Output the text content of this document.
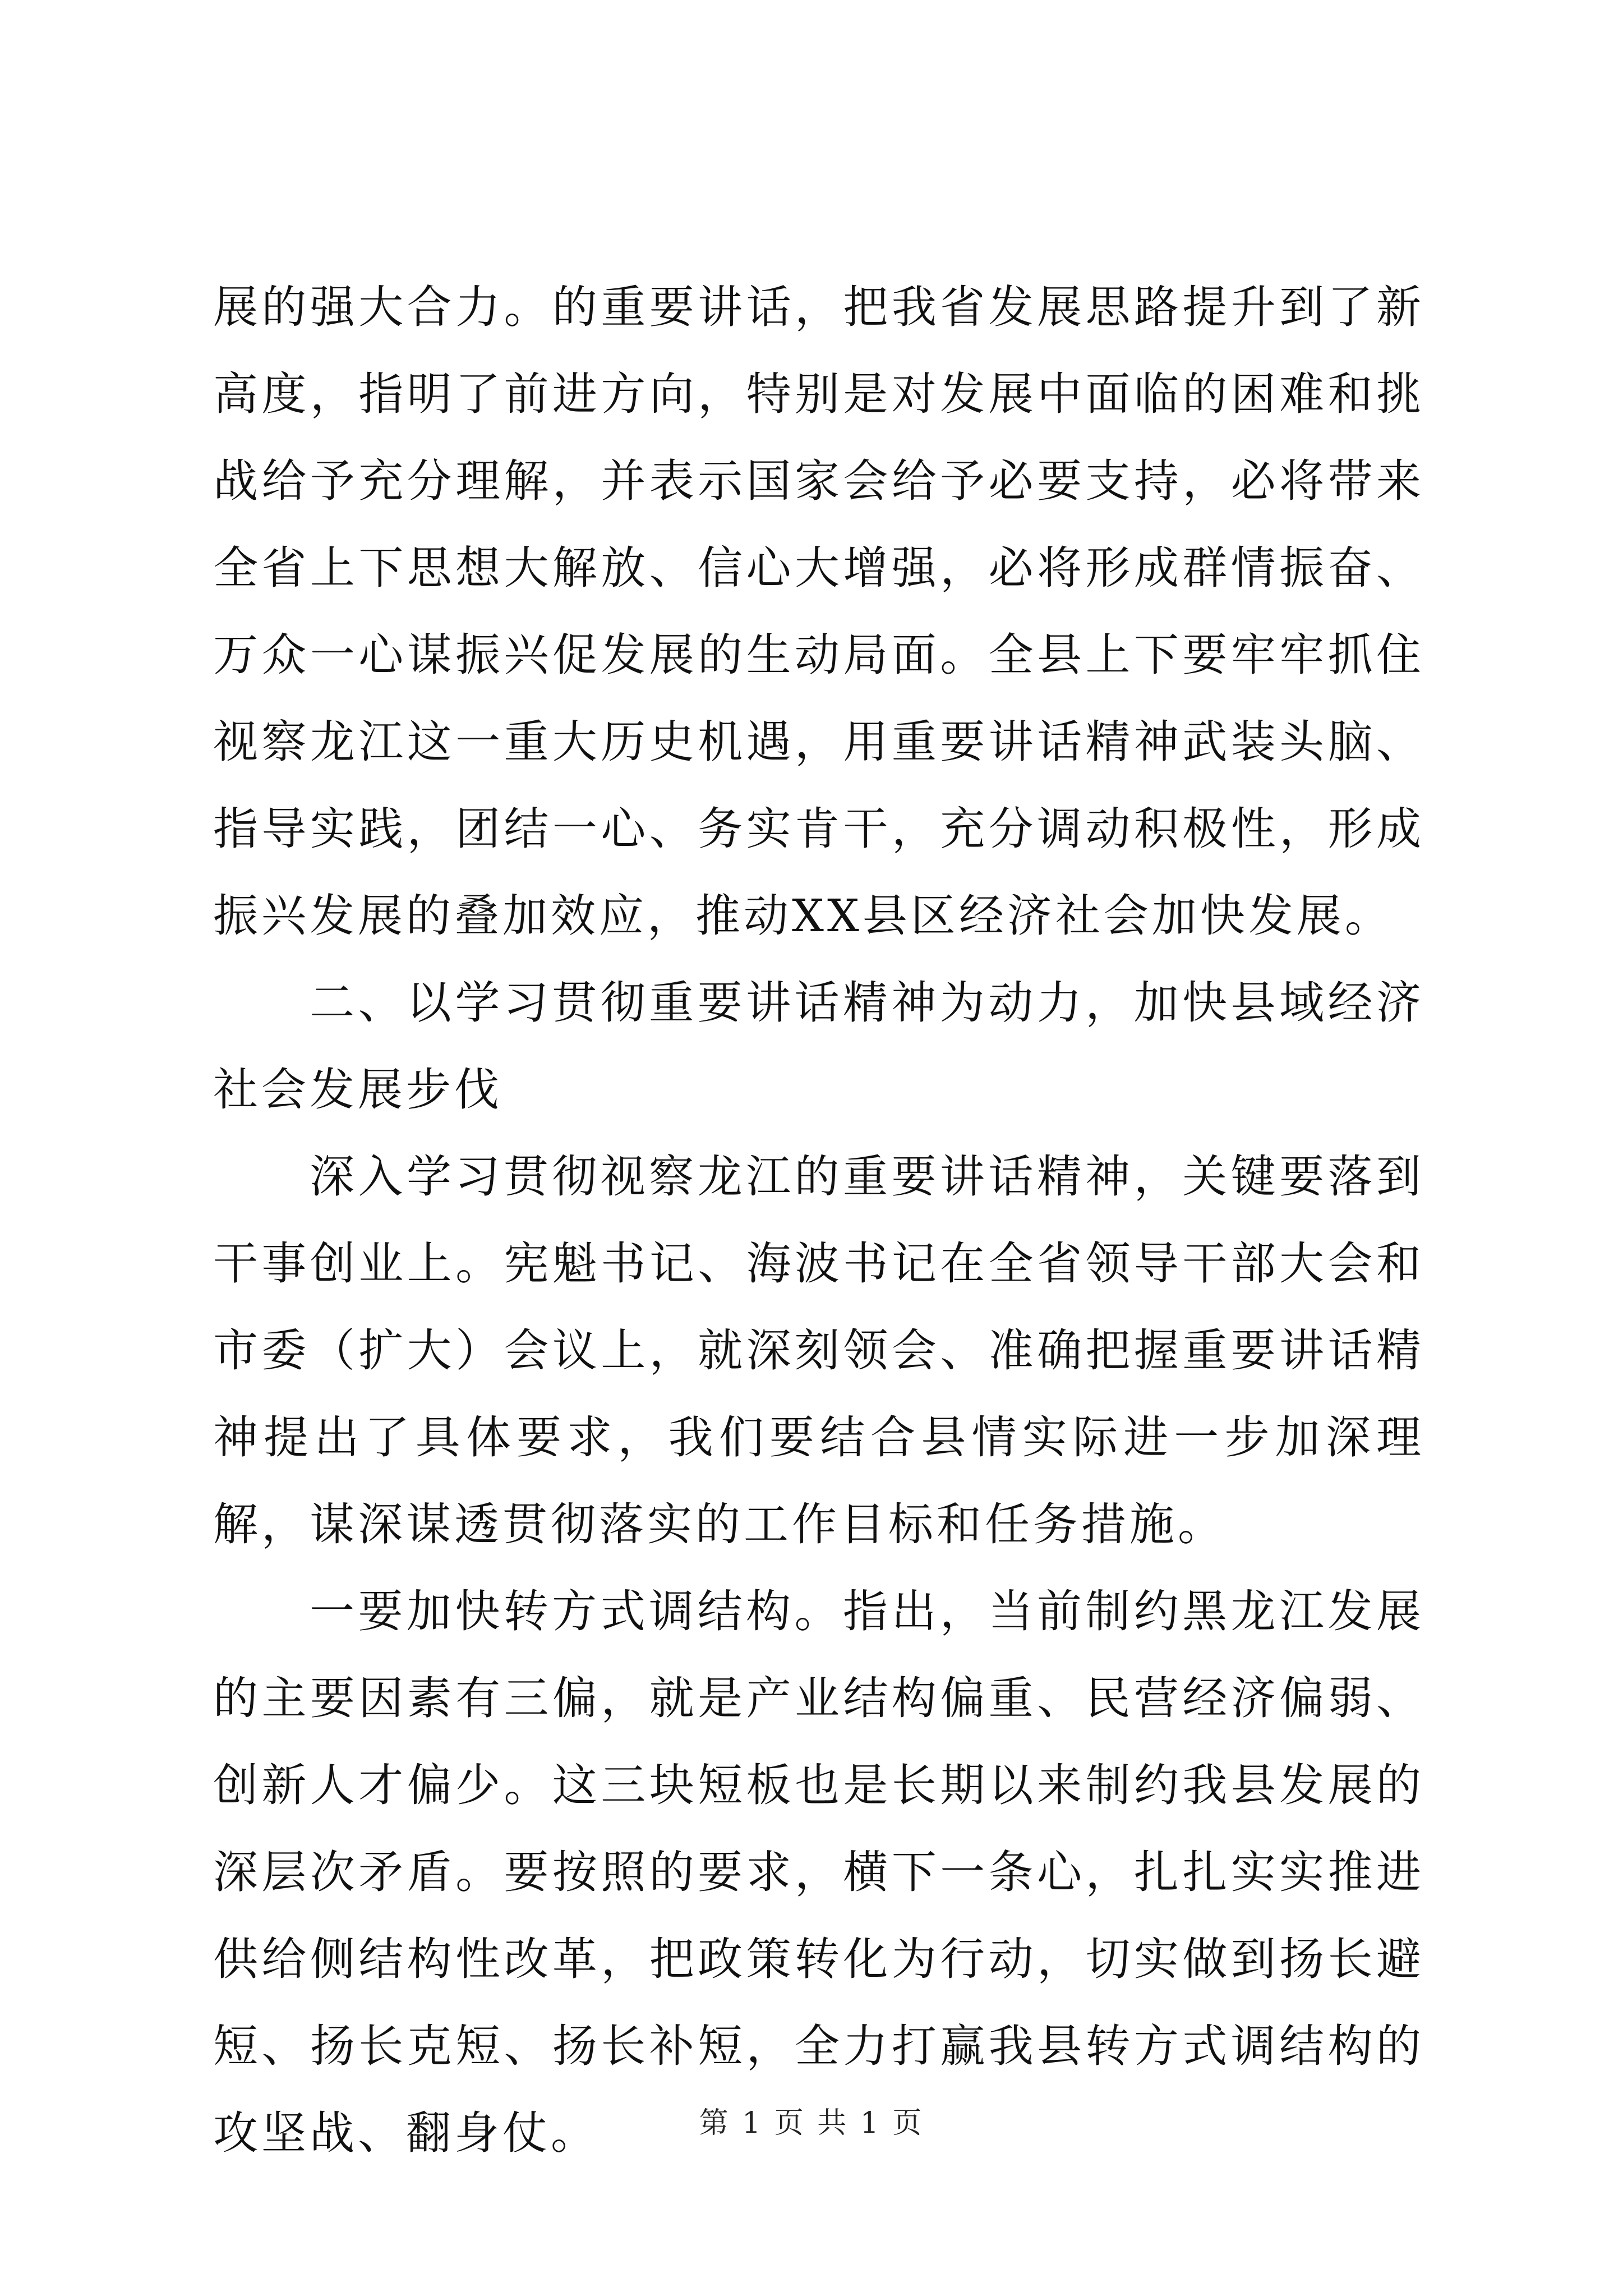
展的强大合力。的重要讲话，把我省发展思路提升到了新高度，指明了前进方向，特别是对发展中面临的困难和挑战给予充分理解，并表示国家会给予必要支持，必将带来全省上下思想大解放、信心大增强，必将形成群情振奋、万众一心谋振兴促发展的生动局面。全县上下要牢牢抓住视察龙江这一重大历史机遇，用重要讲话精神武装头脑、指导实践，团结一心、务实肯干，充分调动积极性，形成振兴发展的叠加效应，推动XX县区经济社会加快发展。

二、以学习贯彻重要讲话精神为动力，加快县域经济社会发展步伐

深入学习贯彻视察龙江的重要讲话精神，关键要落到干事创业上。宪魁书记、海波书记在全省领导干部大会和市委（扩大）会议上，就深刻领会、准确把握重要讲话精神提出了具体要求，我们要结合县情实际进一步加深理解，谋深谋透贯彻落实的工作目标和任务措施。

一要加快转方式调结构。指出，当前制约黑龙江发展的主要因素有三偏，就是产业结构偏重、民营经济偏弱、创新人才偏少。这三块短板也是长期以来制约我县发展的深层次矛盾。要按照的要求，横下一条心，扎扎实实推进供给侧结构性改革，把政策转化为行动，切实做到扬长避短、扬长克短、扬长补短，全力打赢我县转方式调结构的攻坚战、翻身仗。	第 1 页 共 1 页
